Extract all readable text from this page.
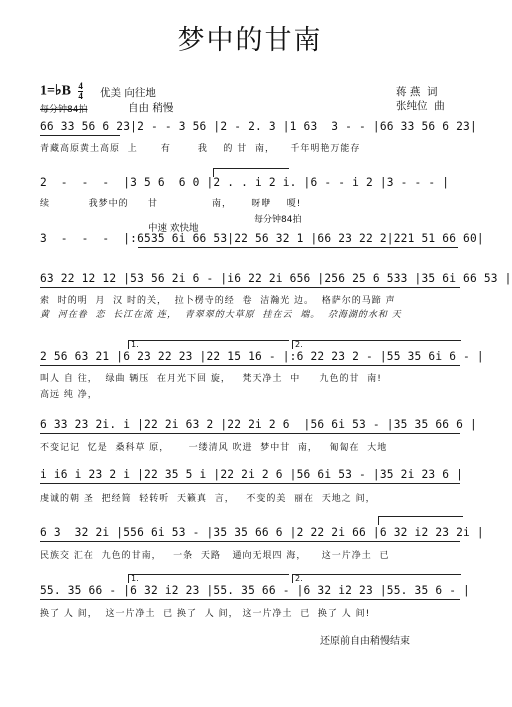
梦中的甘南
1=♭B $\frac{4}{4}$ 优美 向往地
每分钟84拍	自由 稍慢
蒋 燕 词
张纯位 曲
66 33 56 6 23|2 - - 3 56 |2 - 2. 3 |1 63  3 - - |66 33 56 6 23|
青藏高原黄土高原  上      有       我    的 甘  南，    千年明艳万能存
2  -  -  -  |3 5 6  6 0 |2 . . i 2 i. |6 - - i 2 |3 - - - |
续          我梦中的     甘              南，     呀咿    嗄!
中速 欢快地
每分钟84拍
3  -  -  -  |:6535 6i 66 53|22 56 32 1 |66 23 22 2|221 51 66 60|
63 22 12 12 |53 56 2i 6 - |i6 22 2i 656 |256 25 6 533 |35 6i 66 53 |
索  时的明  月  汉 时的关，  拉卜楞寺的经  卷  洁瀚光 边。  格萨尔的马蹄 声
黄  河在眷  恋  长江在流 连，  青翠翠的大草原  挂在云  端。  尕海湖的水和 天
1.	2.
2 56 63 21 |6 23 22 23 |22 15 16 - |:6 22 23 2 - |55 35 6i 6 - |
叫人 自 往，  绿曲 辆压  在月光下回 旋，   梵天净土  中     九色的甘  南!
高远 纯 净，
6 33 23 2i. i |22 2i 63 2 |22 2i 2 6  |56 6i 53 - |35 35 66 6 |
不变记记  忆是  桑科草 原，     一缕清风 吹进  梦中甘  南，   匍匐在  大地
i i6 i 23 2 i |22 35 5 i |22 2i 2 6 |56 6i 53 - |35 2i 23 6 |
虔诚的朝 圣  把经简  轻转听  天籁真  言，   不变的美  丽在  天地之 间，
6 3  32 2i |556 6i 53 - |35 35 66 6 |2 22 2i 66 |6 32 i2 23 2i |
民族交 汇在  九色的甘南，   一条  天路   通向无垠四 海，    这一片净土  已
1.	2.
55. 35 66 - |6 32 i2 23 |55. 35 66 - |6 32 i2 23 |55. 35 6 - |
换了 人 间，  这一片净土  已 换了  人 间， 这一片净土  已  换了 人 间!
还原前自由稍慢结束
